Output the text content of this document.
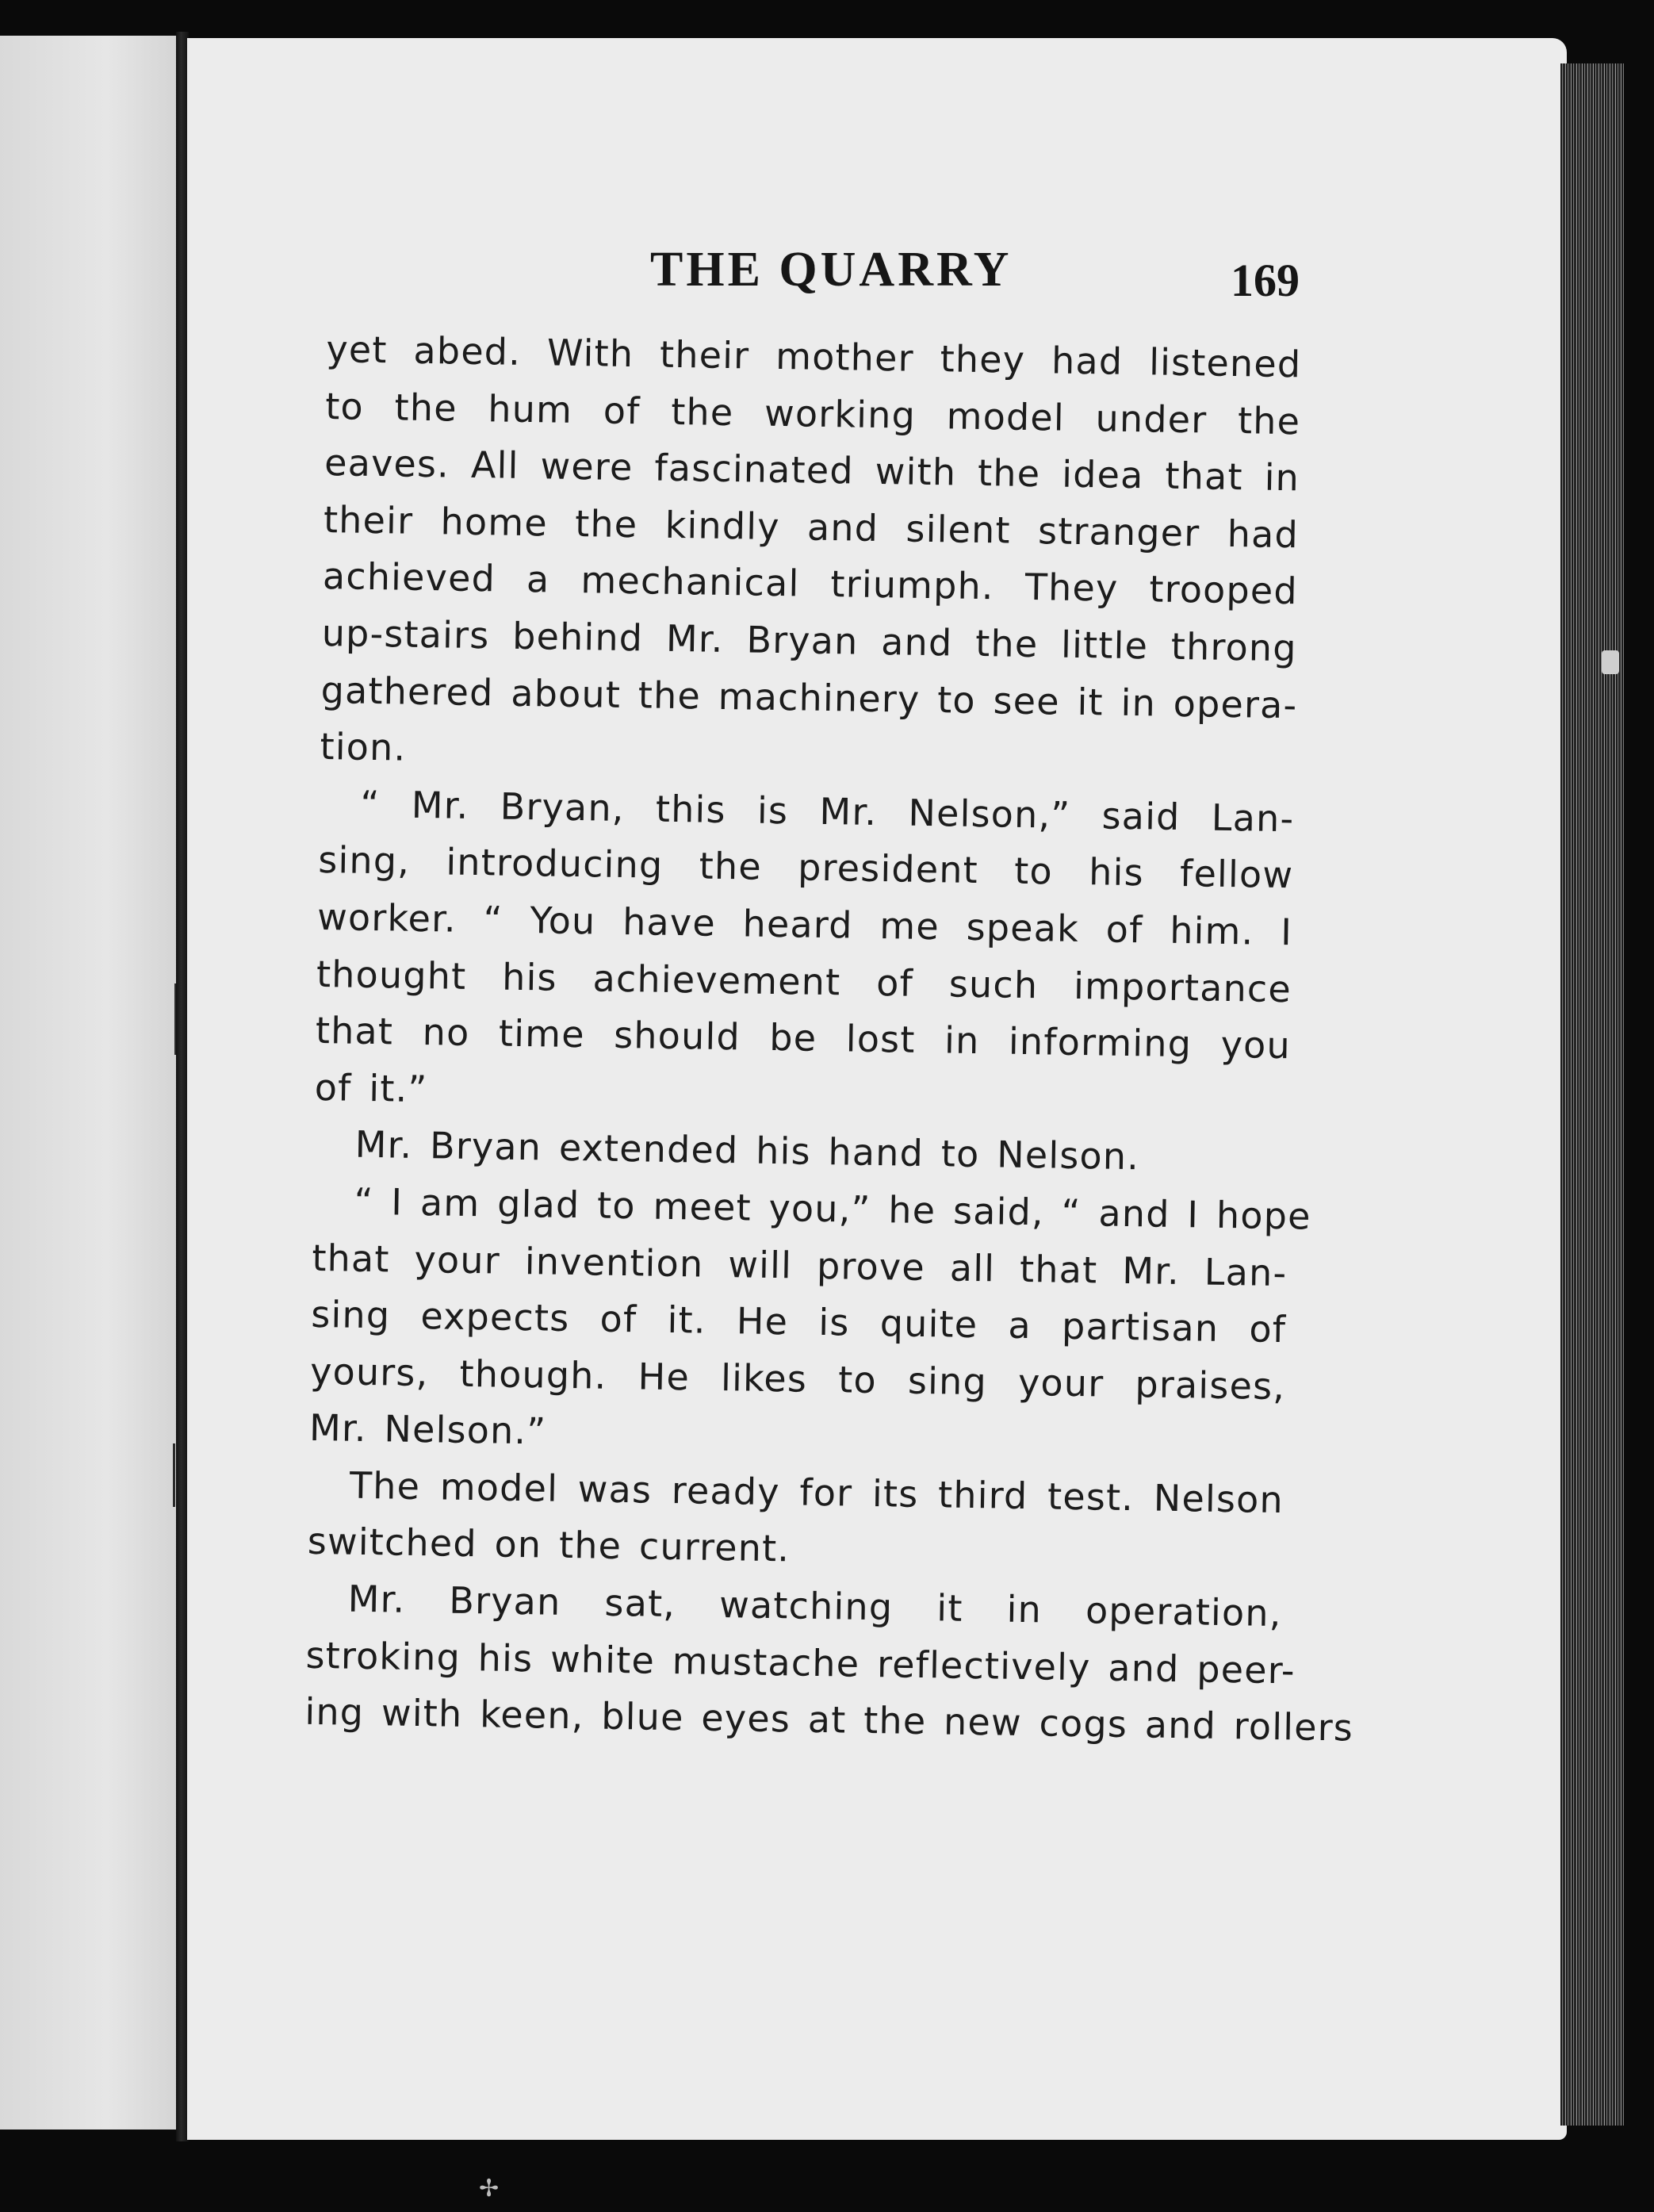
THE QUARRY	169
yet abed. With their mother they had listened
to the hum of the working model under the
eaves. All were fascinated with the idea that in
their home the kindly and silent stranger had
achieved a mechanical triumph. They trooped
up-stairs behind Mr. Bryan and the little throng
gathered about the machinery to see it in opera-
tion.
“ Mr. Bryan, this is Mr. Nelson,” said Lan-
sing, introducing the president to his fellow
worker. “ You have heard me speak of him. I
thought his achievement of such importance
that no time should be lost in informing you
of it.”
Mr. Bryan extended his hand to Nelson.
“ I am glad to meet you,” he said, “ and I hope
that your invention will prove all that Mr. Lan-
sing expects of it. He is quite a partisan of
yours, though. He likes to sing your praises,
Mr. Nelson.”
The model was ready for its third test. Nelson
switched on the current.
Mr. Bryan sat, watching it in operation,
stroking his white mustache reflectively and peer-
ing with keen, blue eyes at the new cogs and rollers
✢
